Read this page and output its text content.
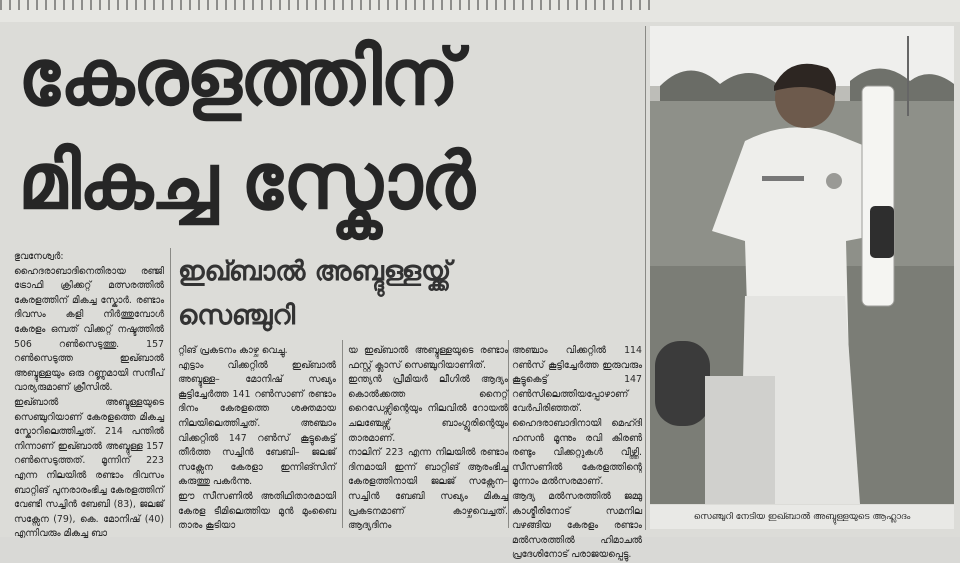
കേരളത്തിന്
മികച്ച സ്കോർ

ഭുവനേശ്വർ: ഹൈദരാബാദിനെതിരായ രഞ്ജി ട്രോഫി ക്രിക്കറ്റ് മത്സരത്തിൽ കേരളത്തിന് മികച്ച സ്കോർ. രണ്ടാം ദിവസം കളി നിർത്തുമ്പോൾ കേരളം ഒമ്പത് വിക്കറ്റ് നഷ്ടത്തിൽ 506 റൺസെടുത്തു. 157 റൺസെടുത്ത ഇഖ്ബാൽ അബ്ദുള്ളയും ഒരു റണ്ണുമായി സന്ദീപ് വാര്യരുമാണ് ക്രീസിൽ.

ഇഖ്ബാൽ അബ്ദുള്ളയുടെ സെഞ്ചുറിയാണ് കേരളത്തെ മികച്ച സ്കോറിലെത്തിച്ചത്. 214 പന്തിൽ നിന്നാണ് ഇഖ്ബാൽ അബ്ദുള്ള 157 റൺസെടുത്തത്. മൂന്നിന് 223 എന്ന നിലയിൽ രണ്ടാം ദിവസം ബാറ്റിങ് പുനരാരംഭിച്ച കേരളത്തിന് വേണ്ടി സച്ചിൻ ബേബി (83), ജലജ് സക്സേന (79), കെ. മോനിഷ് (40) എന്നിവരും മികച്ച ബാ

ഇഖ്ബാൽ അബ്ദുള്ളയ്ക്ക്
സെഞ്ചുറി

റ്റിങ് പ്രകടനം കാഴ്ച വെച്ചു.

എട്ടാം വിക്കറ്റിൽ ഇഖ്ബാൽ അബ്ദുള്ള– മോനിഷ് സഖ്യം കൂട്ടിച്ചേർത്ത 141 റൺസാണ് രണ്ടാം ദിനം കേരളത്തെ ശക്തമായ നിലയിലെത്തിച്ചത്. അഞ്ചാം വിക്കറ്റിൽ 147 റൺസ് കൂട്ടുകെട്ട് തീർത്ത സച്ചിൻ ബേബി– ജലജ് സക്സേന കേരളാ ഇന്നിങ്സിന് കരുത്തു പകർന്നു.

ഈ സീസണിൽ അതിഥിതാരമായി കേരള ടീമിലെത്തിയ മുൻ മുംബൈ താരം കൂടിയാ

യ ഇഖ്ബാൽ അബ്ദുള്ളയുടെ രണ്ടാം ഫസ്റ്റ് ക്ലാസ് സെഞ്ചുറിയാണിത്.

ഇന്ത്യൻ പ്രീമിയർ ലീഗിൽ ആദ്യം കൊൽക്കത്ത നൈറ്റ് റൈഡേഴ്സിന്റെയും നിലവിൽ റോയൽ ചലഞ്ചേഴ്സ് ബാംഗ്ലൂരിന്റെയും താരമാണ്.

നാലിന് 223 എന്ന നിലയിൽ രണ്ടാം ദിനമായി ഇന്ന് ബാറ്റിങ് ആരംഭിച്ച കേരളത്തിനായി ജലജ് സക്സേന–സച്ചിൻ ബേബി സഖ്യം മികച്ച പ്രകടനമാണ് കാഴ്ചവെച്ചത്. ആദ്യദിനം

അഞ്ചാം വിക്കറ്റിൽ 114 റൺസ് കൂട്ടിച്ചേർത്ത ഇരുവരും കൂട്ടുകെട്ട് 147 റൺസിലെത്തിയപ്പോഴാണ് വേർപിരിഞ്ഞത്. ഹൈദരാബാദിനായി മെഹ്ദി ഹസൻ മൂന്നും രവി കിരൺ രണ്ടും വിക്കറ്റുകൾ വീഴ്ത്തി. സീസണിൽ കേരളത്തിന്റെ മൂന്നാം മൽസരമാണ്.

ആദ്യ മൽസരത്തിൽ ജമ്മു കാശ്മീരിനോട് സമനില വഴങ്ങിയ കേരളം രണ്ടാം മൽസരത്തിൽ ഹിമാചൽ പ്രദേശിനോട് പരാജയപ്പെട്ടു.

സെഞ്ചുറി നേടിയ ഇഖ്ബാൽ അബ്ദുള്ളയുടെ ആഹ്ലാദം
